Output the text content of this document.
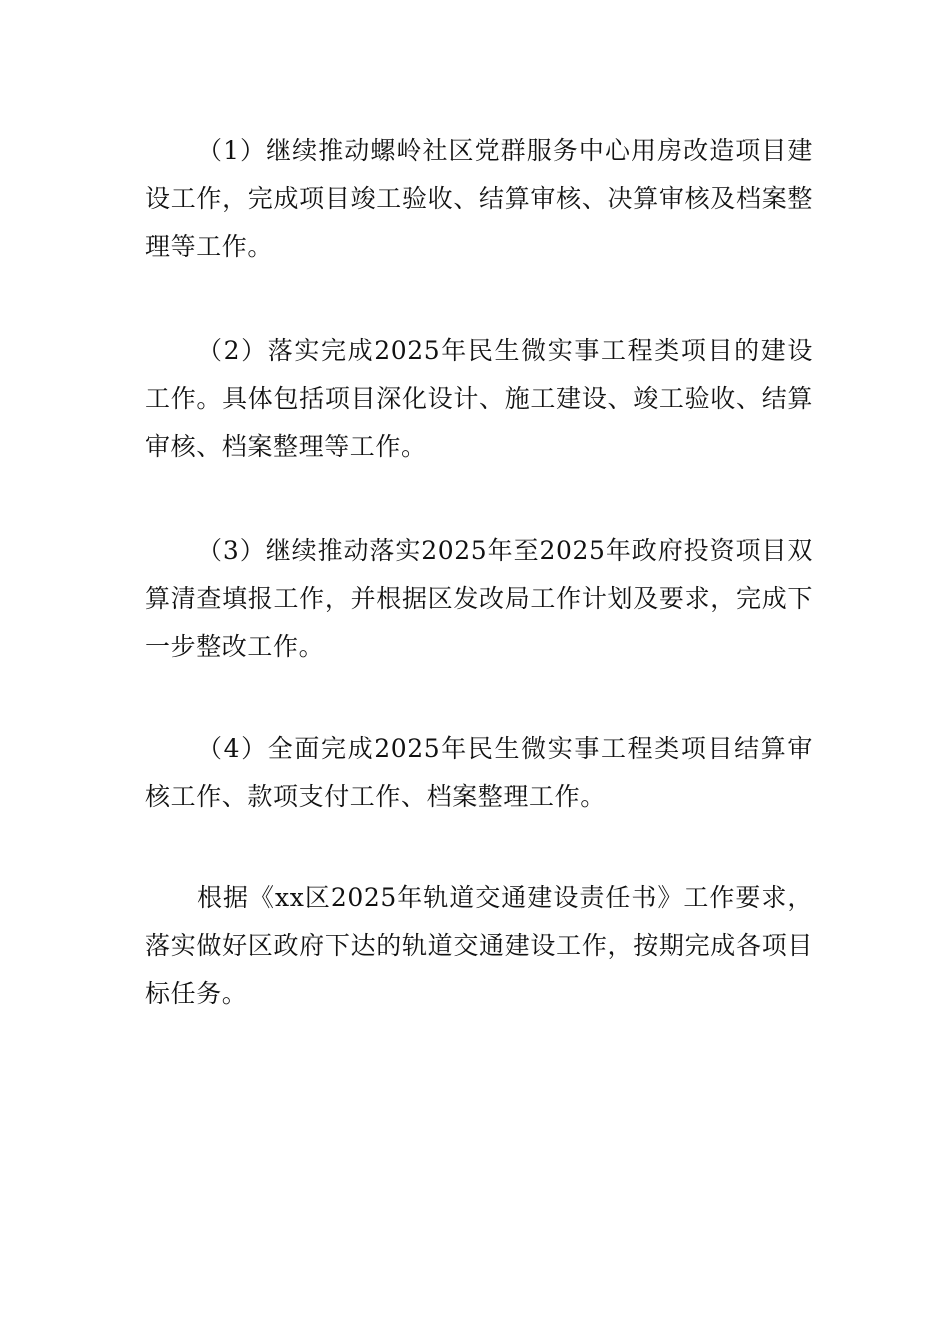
（1）继续推动螺岭社区党群服务中心用房改造项目建设工作，完成项目竣工验收、结算审核、决算审核及档案整理等工作。

（2）落实完成2025年民生微实事工程类项目的建设工作。具体包括项目深化设计、施工建设、竣工验收、结算审核、档案整理等工作。

（3）继续推动落实2025年至2025年政府投资项目双算清查填报工作，并根据区发改局工作计划及要求，完成下一步整改工作。

（4）全面完成2025年民生微实事工程类项目结算审核工作、款项支付工作、档案整理工作。

根据《xx区2025年轨道交通建设责任书》工作要求，落实做好区政府下达的轨道交通建设工作，按期完成各项目标任务。
